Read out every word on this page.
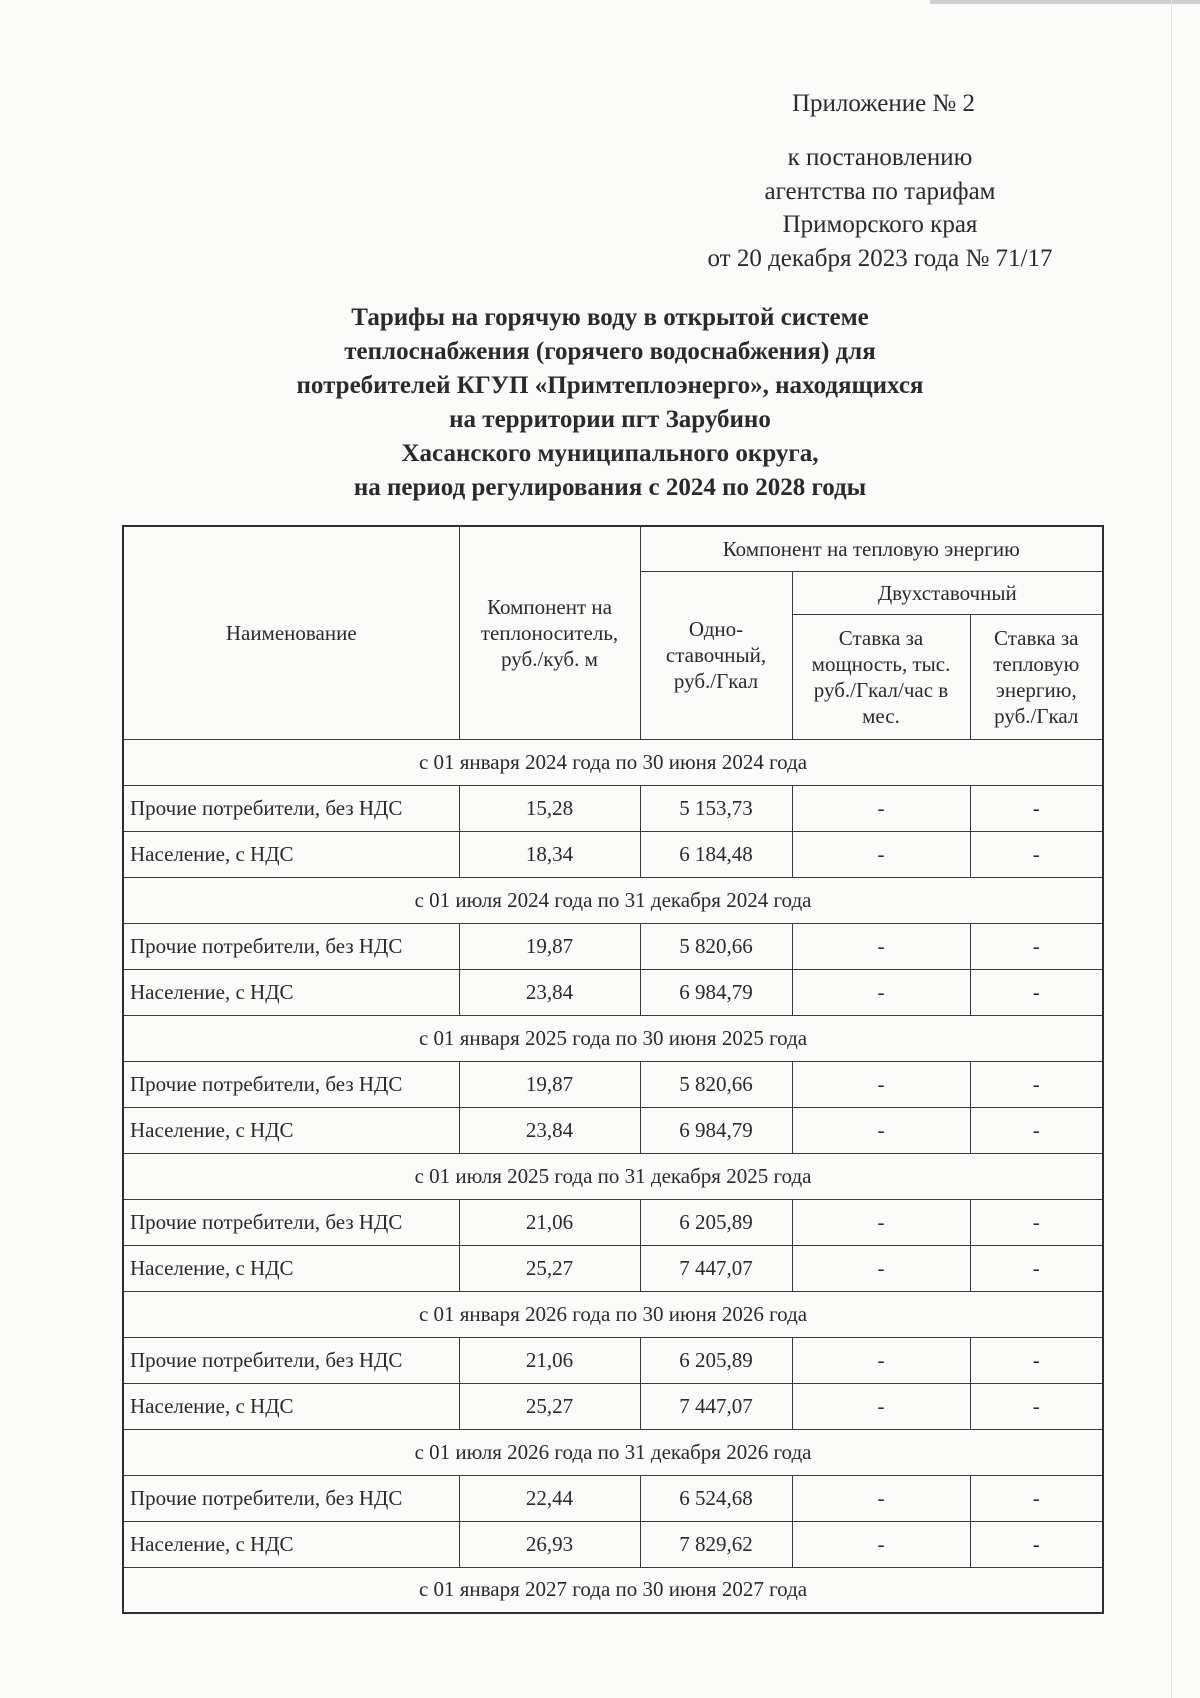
Приложение № 2
к постановлению
агентства по тарифам
Приморского края
от 20 декабря 2023 года № 71/17
Тарифы на горячую воду в открытой системе
теплоснабжения (горячего водоснабжения) для
потребителей КГУП «Примтеплоэнерго», находящихся
на территории пгт Зарубино
Хасанского муниципального округа,
на период регулирования с 2024 по 2028 годы
Наименование	Компонент на теплоноситель, руб./куб. м	Компонент на тепловую энергию		
		Одно-ставочный, руб./Гкал	Двухставочный	
			Ставка за мощность, тыс. руб./Гкал/час в мес.	Ставка за тепловую энергию, руб./Гкал
с 01 января 2024 года по 30 июня 2024 года				
Прочие потребители, без НДС	15,28	5 153,73	-	-
Население, с НДС	18,34	6 184,48	-	-
с 01 июля 2024 года по 31 декабря 2024 года				
Прочие потребители, без НДС	19,87	5 820,66	-	-
Население, с НДС	23,84	6 984,79	-	-
с 01 января 2025 года по 30 июня 2025 года				
Прочие потребители, без НДС	19,87	5 820,66	-	-
Население, с НДС	23,84	6 984,79	-	-
с 01 июля 2025 года по 31 декабря 2025 года				
Прочие потребители, без НДС	21,06	6 205,89	-	-
Население, с НДС	25,27	7 447,07	-	-
с 01 января 2026 года по 30 июня 2026 года				
Прочие потребители, без НДС	21,06	6 205,89	-	-
Население, с НДС	25,27	7 447,07	-	-
с 01 июля 2026 года по 31 декабря 2026 года				
Прочие потребители, без НДС	22,44	6 524,68	-	-
Население, с НДС	26,93	7 829,62	-	-
с 01 января 2027 года по 30 июня 2027 года				
